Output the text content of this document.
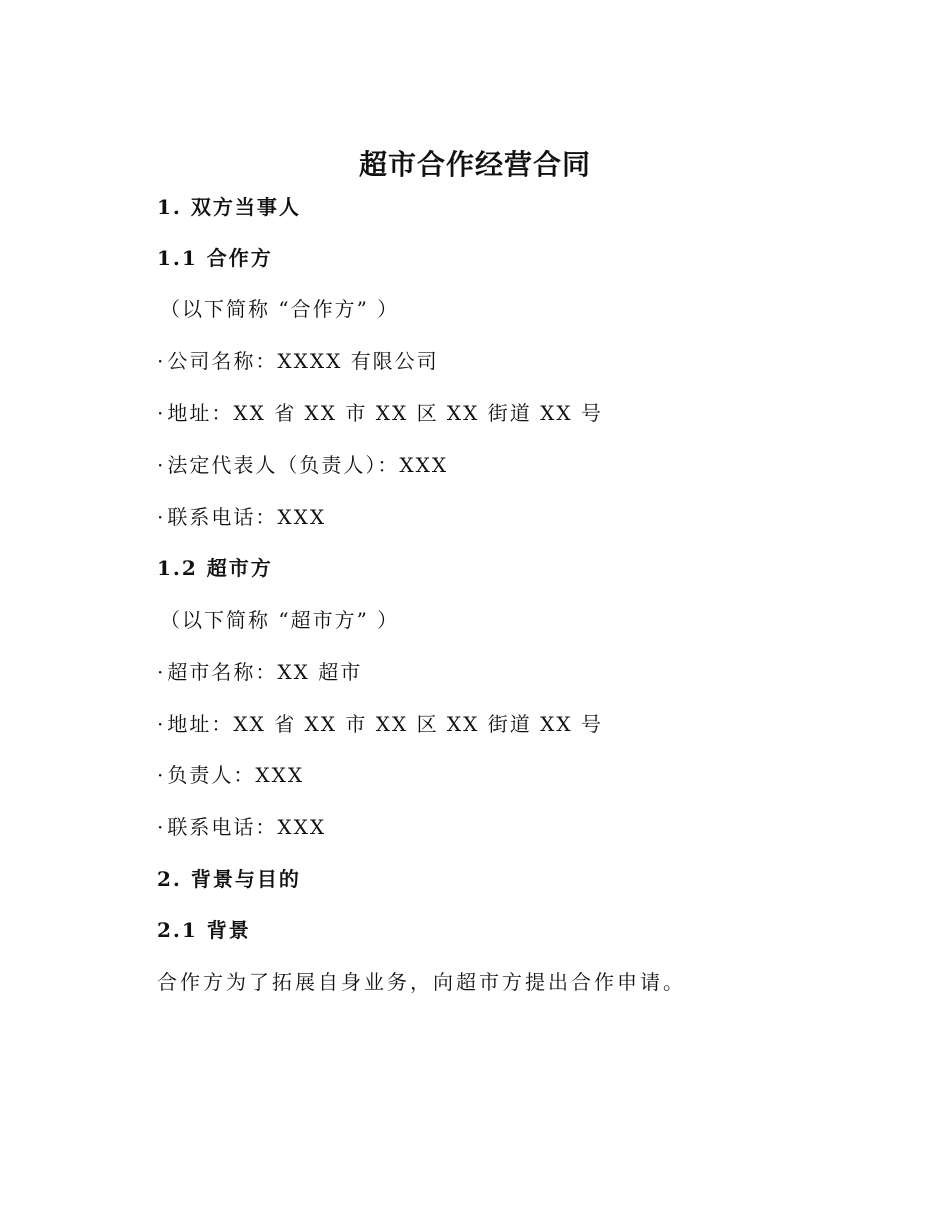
超市合作经营合同

1. 双方当事人

1.1 合作方

（以下简称 “合作方” ）

· 公司名称：XXXX 有限公司

· 地址：XX 省 XX 市 XX 区 XX 街道 XX 号

· 法定代表人（负责人）：XXX

· 联系电话：XXX

1.2 超市方

（以下简称 “超市方” ）

· 超市名称：XX 超市

· 地址：XX 省 XX 市 XX 区 XX 街道 XX 号

· 负责人：XXX

· 联系电话：XXX

2. 背景与目的

2.1 背景

合作方为了拓展自身业务，向超市方提出合作申请。
